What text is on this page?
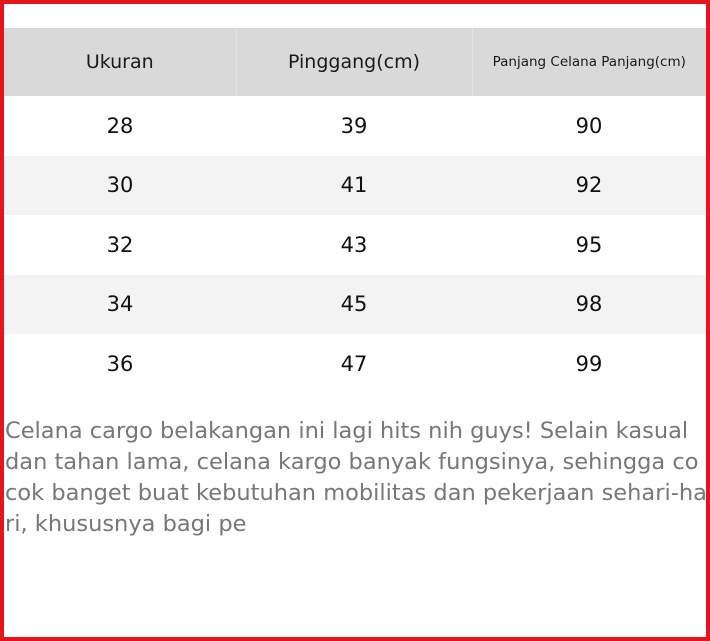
Ukuran	Pinggang(cm)	Panjang Celana Panjang(cm)
28	39	90
30	41	92
32	43	95
34	45	98
36	47	99

Celana cargo belakangan ini lagi hits nih guys! Selain kasual dan tahan lama, celana kargo banyak fungsinya, sehingga cocok banget buat kebutuhan mobilitas dan pekerjaan sehari-hari, khususnya bagi pe
